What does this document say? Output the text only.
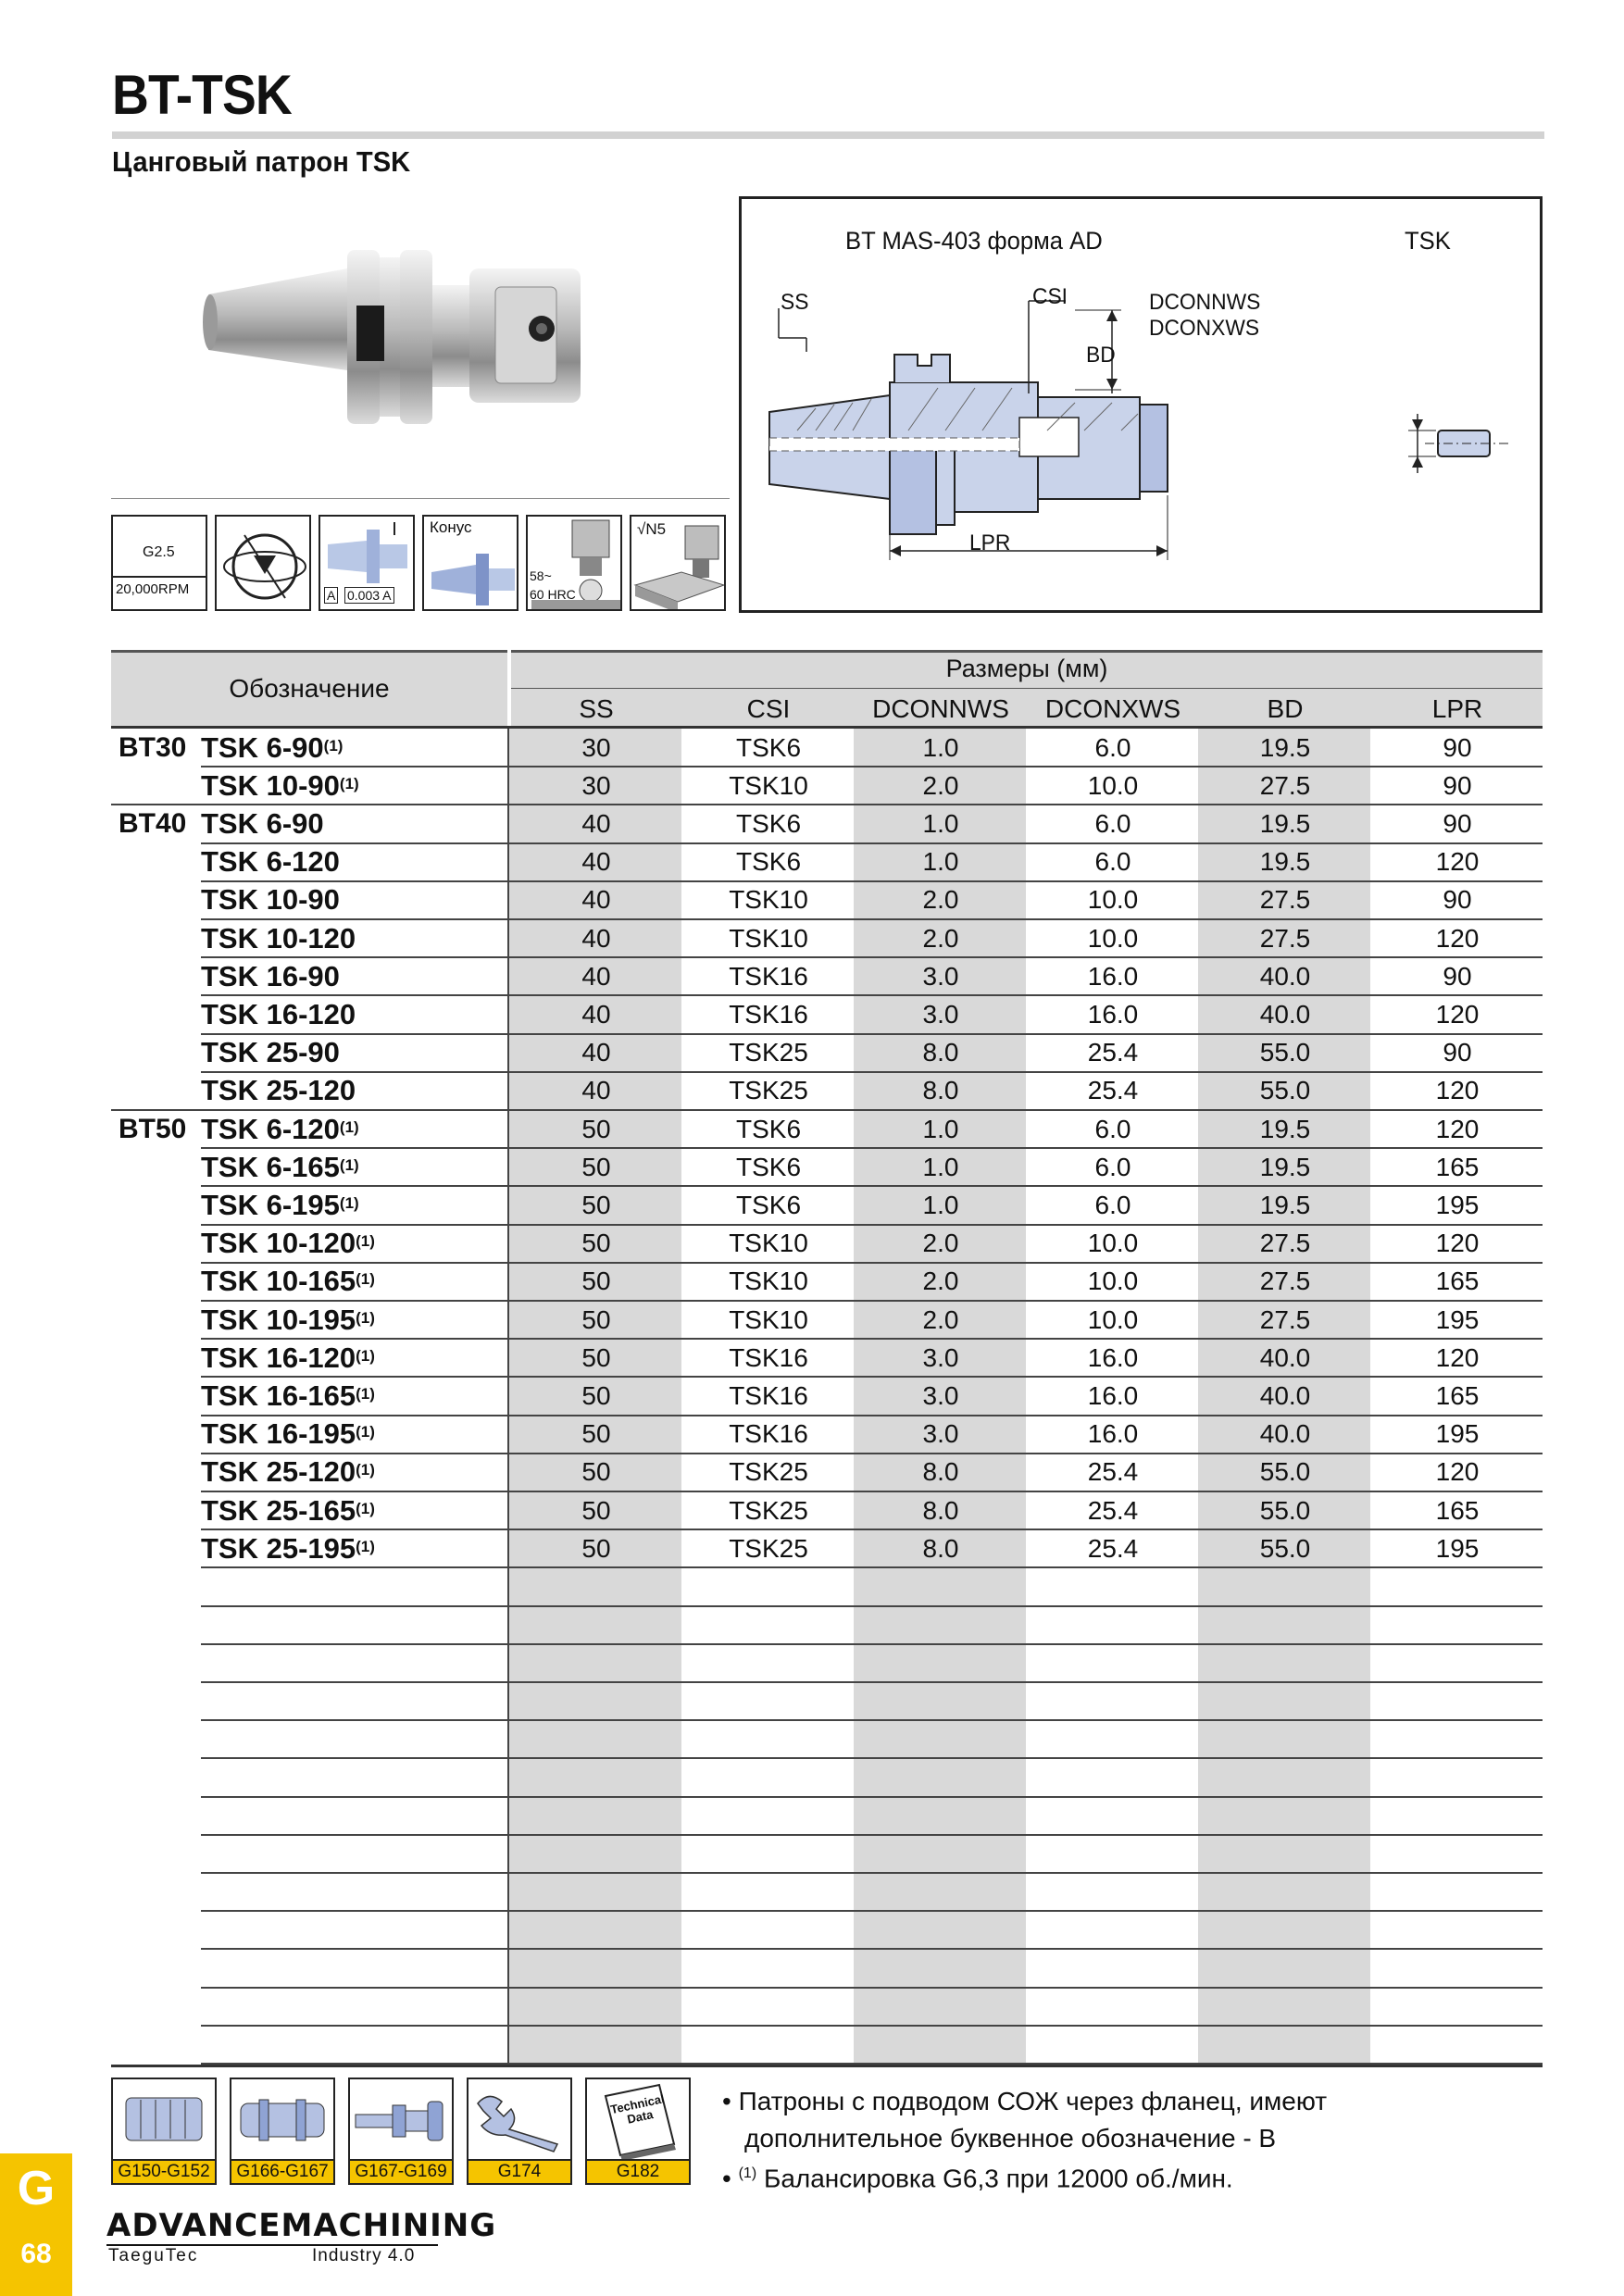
BT-TSK
Цанговый патрон TSK
G2.5
20,000RPM	A 0.003 A
Конус
58~
60 HRC
√N5
BT MAS-403 форма AD	TSK
SS	CSI
BD
LPR
DCONNWS
DCONXWS
Обозначение
Размеры (мм)
SS	CSI	DCONNWS	DCONXWS	BD	LPR
BT30 TSK 6-90$^{(1)}$	30	TSK6	1.0	6.0	19.5	90
TSK 10-90$^{(1)}$	30	TSK10	2.0	10.0	27.5	90
BT40 TSK 6-90	40	TSK6	1.0	6.0	19.5	90
TSK 6-120	40	TSK6	1.0	6.0	19.5	120
TSK 10-90	40	TSK10	2.0	10.0	27.5	90
TSK 10-120	40	TSK10	2.0	10.0	27.5	120
TSK 16-90	40	TSK16	3.0	16.0	40.0	90
TSK 16-120	40	TSK16	3.0	16.0	40.0	120
TSK 25-90	40	TSK25	8.0	25.4	55.0	90
TSK 25-120	40	TSK25	8.0	25.4	55.0	120
BT50 TSK 6-120$^{(1)}$	50	TSK6	1.0	6.0	19.5	120
TSK 6-165$^{(1)}$	50	TSK6	1.0	6.0	19.5	165
TSK 6-195$^{(1)}$	50	TSK6	1.0	6.0	19.5	195
TSK 10-120$^{(1)}$	50	TSK10	2.0	10.0	27.5	120
TSK 10-165$^{(1)}$	50	TSK10	2.0	10.0	27.5	165
TSK 10-195$^{(1)}$	50	TSK10	2.0	10.0	27.5	195
TSK 16-120$^{(1)}$	50	TSK16	3.0	16.0	40.0	120
TSK 16-165$^{(1)}$	50	TSK16	3.0	16.0	40.0	165
TSK 16-195$^{(1)}$	50	TSK16	3.0	16.0	40.0	195
TSK 25-120$^{(1)}$	50	TSK25	8.0	25.4	55.0	120
TSK 25-165$^{(1)}$	50	TSK25	8.0	25.4	55.0	165
TSK 25-195$^{(1)}$	50	TSK25	8.0	25.4	55.0	195
G150-G152 G166-G167 G167-G169	G174
Technical Data
G182
• Патроны с подводом СОЖ через фланец, имеют
дополнительное буквенное обозначение - B
• $^{(1)}$ Балансировка G6,3 при 12000 об./мин.
G
68
ADVANCEMACHINING
TaeguTec	Industry 4.0
